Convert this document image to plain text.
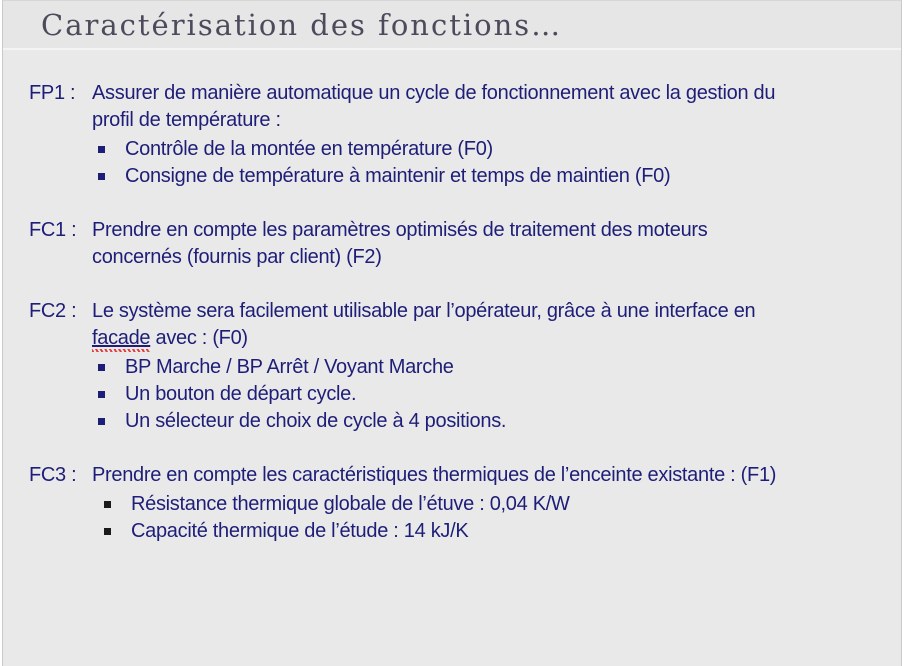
Caractérisation des fonctions…
FP1 : Assurer de manière automatique un cycle de fonctionnement avec la gestion du
profil de température :
Contrôle de la montée en température (F0)
Consigne de température à maintenir et temps de maintien (F0)
FC1 : Prendre en compte les paramètres optimisés de traitement des moteurs
concernés (fournis par client) (F2)
FC2 : Le système sera facilement utilisable par l’opérateur, grâce à une interface en
facade avec : (F0)
BP Marche / BP Arrêt / Voyant Marche
Un bouton de départ cycle.
Un sélecteur de choix de cycle à 4 positions.
FC3 : Prendre en compte les caractéristiques thermiques de l’enceinte existante : (F1)
Résistance thermique globale de l’étuve : 0,04 K/W
Capacité thermique de l’étude : 14 kJ/K
